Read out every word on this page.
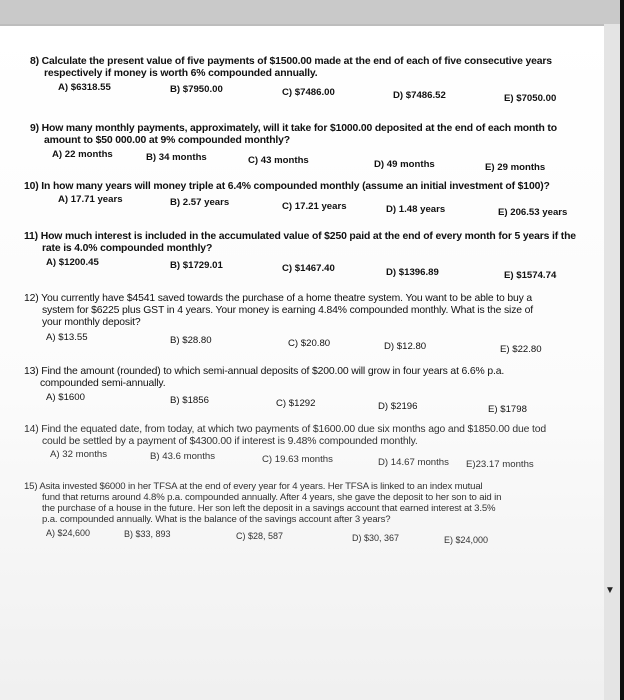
8) Calculate the present value of five payments of $1500.00 made at the end of each of five consecutive years
respectively if money is worth 6% compounded annually.
A) $6318.55	B) $7950.00	C) $7486.00	D) $7486.52	E) $7050.00
9) How many monthly payments, approximately, will it take for $1000.00 deposited at the end of each month to
amount to $50 000.00 at 9% compounded monthly?
A) 22 months	B) 34 months	C) 43 months	D) 49 months	E) 29 months
10) In how many years will money triple at 6.4% compounded monthly (assume an initial investment of $100)?
A) 17.71 years	B) 2.57 years	C) 17.21 years	D) 1.48 years	E) 206.53 years
11) How much interest is included in the accumulated value of $250 paid at the end of every month for 5 years if the
rate is 4.0% compounded monthly?
A) $1200.45	B) $1729.01	C) $1467.40	D) $1396.89	E) $1574.74
12) You currently have $4541 saved towards the purchase of a home theatre system. You want to be able to buy a
system for $6225 plus GST in 4 years. Your money is earning 4.84% compounded monthly. What is the size of
your monthly deposit?
A) $13.55	B) $28.80	C) $20.80	D) $12.80	E) $22.80
13) Find the amount (rounded) to which semi-annual deposits of $200.00 will grow in four years at 6.6% p.a.
compounded semi-annually.
A) $1600	B) $1856	C) $1292	D) $2196	E) $1798
14) Find the equated date, from today, at which two payments of $1600.00 due six months ago and $1850.00 due tod
could be settled by a payment of $4300.00 if interest is 9.48% compounded monthly.
A) 32 months	B) 43.6 months	C) 19.63 months	D) 14.67 months E)23.17 months
15) Asita invested $6000 in her TFSA at the end of every year for 4 years. Her TFSA is linked to an index mutual
fund that returns around 4.8% p.a. compounded annually. After 4 years, she gave the deposit to her son to aid in
the purchase of a house in the future. Her son left the deposit in a savings account that earned interest at 3.5%
p.a. compounded annually. What is the balance of the savings account after 3 years?
A) $24,600	B) $33, 893	C) $28, 587	D) $30, 367	E) $24,000
▼
